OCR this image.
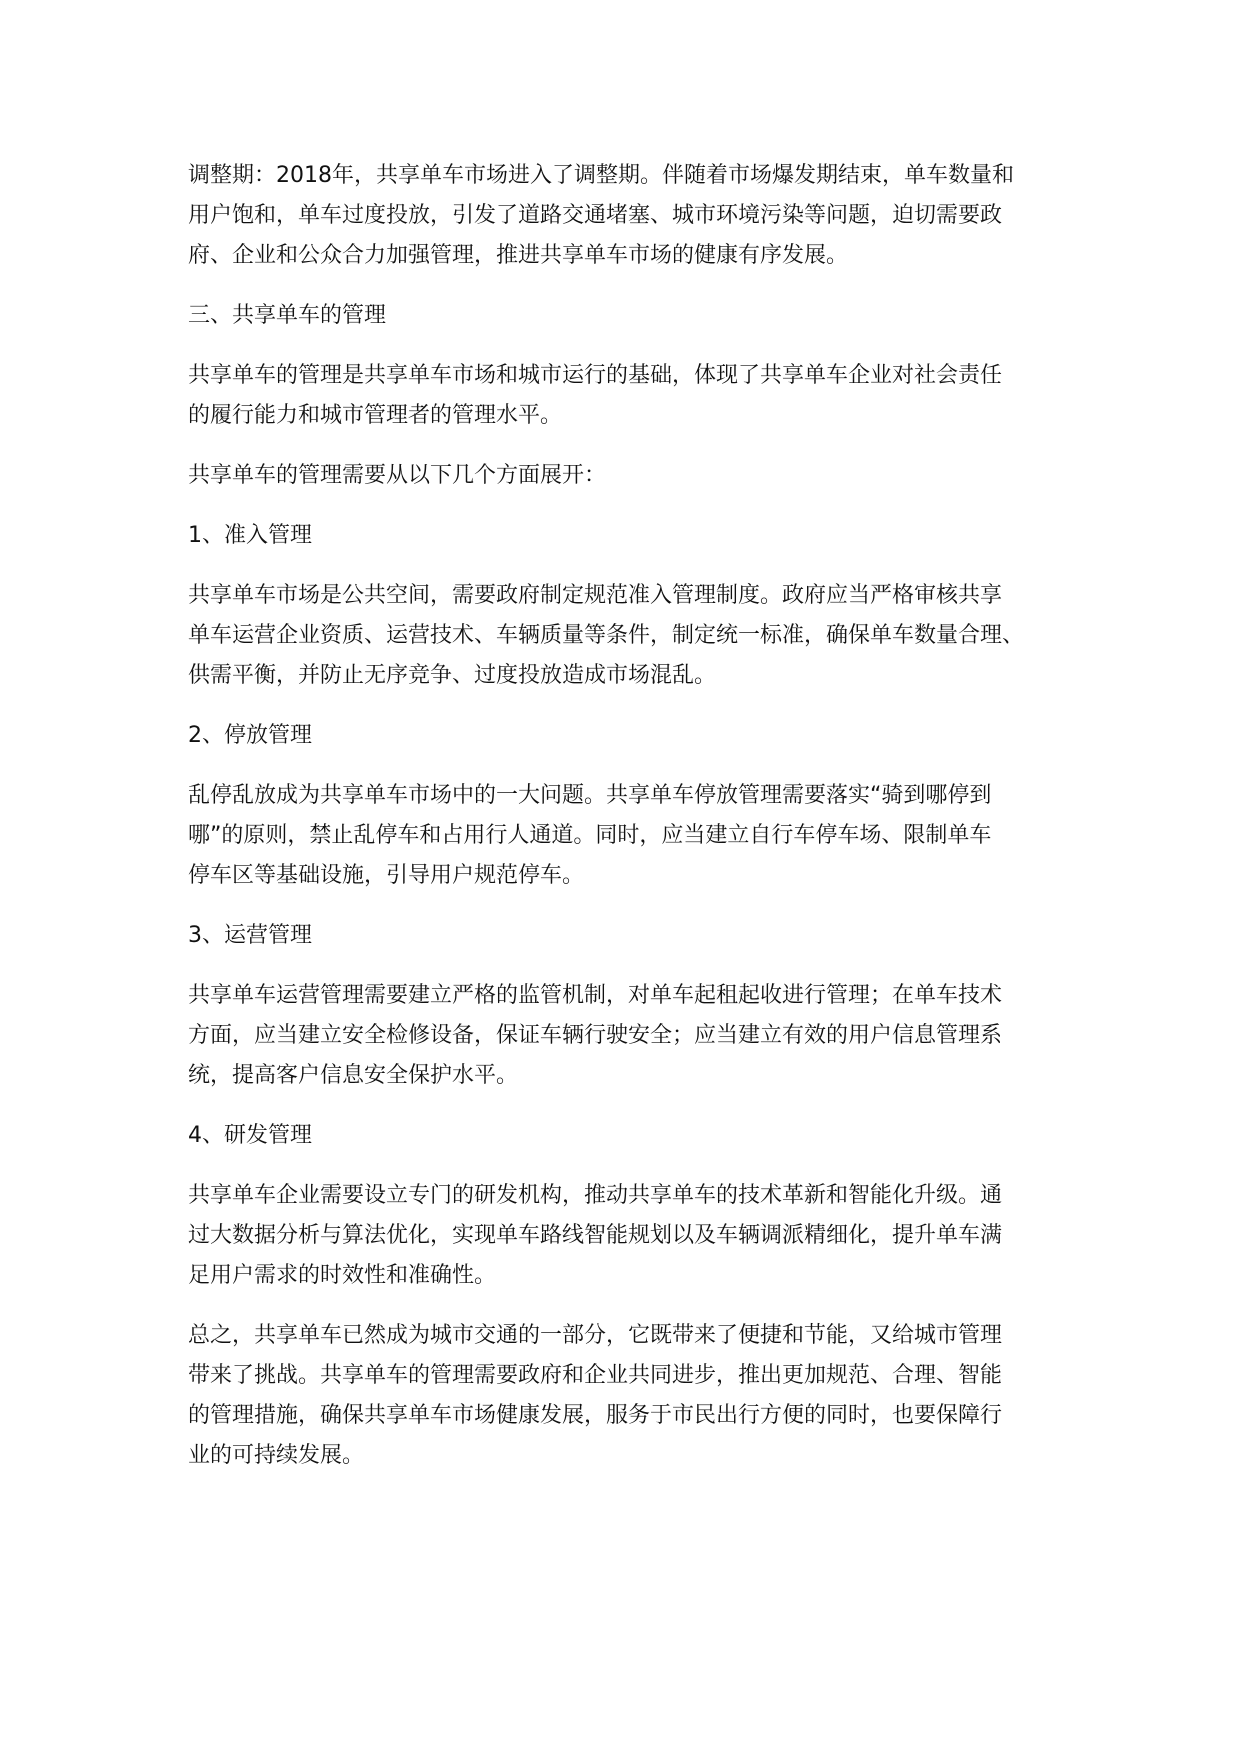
调整期：2018年，共享单车市场进入了调整期。伴随着市场爆发期结束，单车数量和
用户饱和，单车过度投放，引发了道路交通堵塞、城市环境污染等问题，迫切需要政
府、企业和公众合力加强管理，推进共享单车市场的健康有序发展。

三、共享单车的管理

共享单车的管理是共享单车市场和城市运行的基础，体现了共享单车企业对社会责任
的履行能力和城市管理者的管理水平。

共享单车的管理需要从以下几个方面展开：

1、准入管理

共享单车市场是公共空间，需要政府制定规范准入管理制度。政府应当严格审核共享
单车运营企业资质、运营技术、车辆质量等条件，制定统一标准，确保单车数量合理、
供需平衡，并防止无序竞争、过度投放造成市场混乱。

2、停放管理

乱停乱放成为共享单车市场中的一大问题。共享单车停放管理需要落实“骑到哪停到
哪”的原则，禁止乱停车和占用行人通道。同时，应当建立自行车停车场、限制单车
停车区等基础设施，引导用户规范停车。

3、运营管理

共享单车运营管理需要建立严格的监管机制，对单车起租起收进行管理；在单车技术
方面，应当建立安全检修设备，保证车辆行驶安全；应当建立有效的用户信息管理系
统，提高客户信息安全保护水平。

4、研发管理

共享单车企业需要设立专门的研发机构，推动共享单车的技术革新和智能化升级。通
过大数据分析与算法优化，实现单车路线智能规划以及车辆调派精细化，提升单车满
足用户需求的时效性和准确性。

总之，共享单车已然成为城市交通的一部分，它既带来了便捷和节能，又给城市管理
带来了挑战。共享单车的管理需要政府和企业共同进步，推出更加规范、合理、智能
的管理措施，确保共享单车市场健康发展，服务于市民出行方便的同时，也要保障行
业的可持续发展。
